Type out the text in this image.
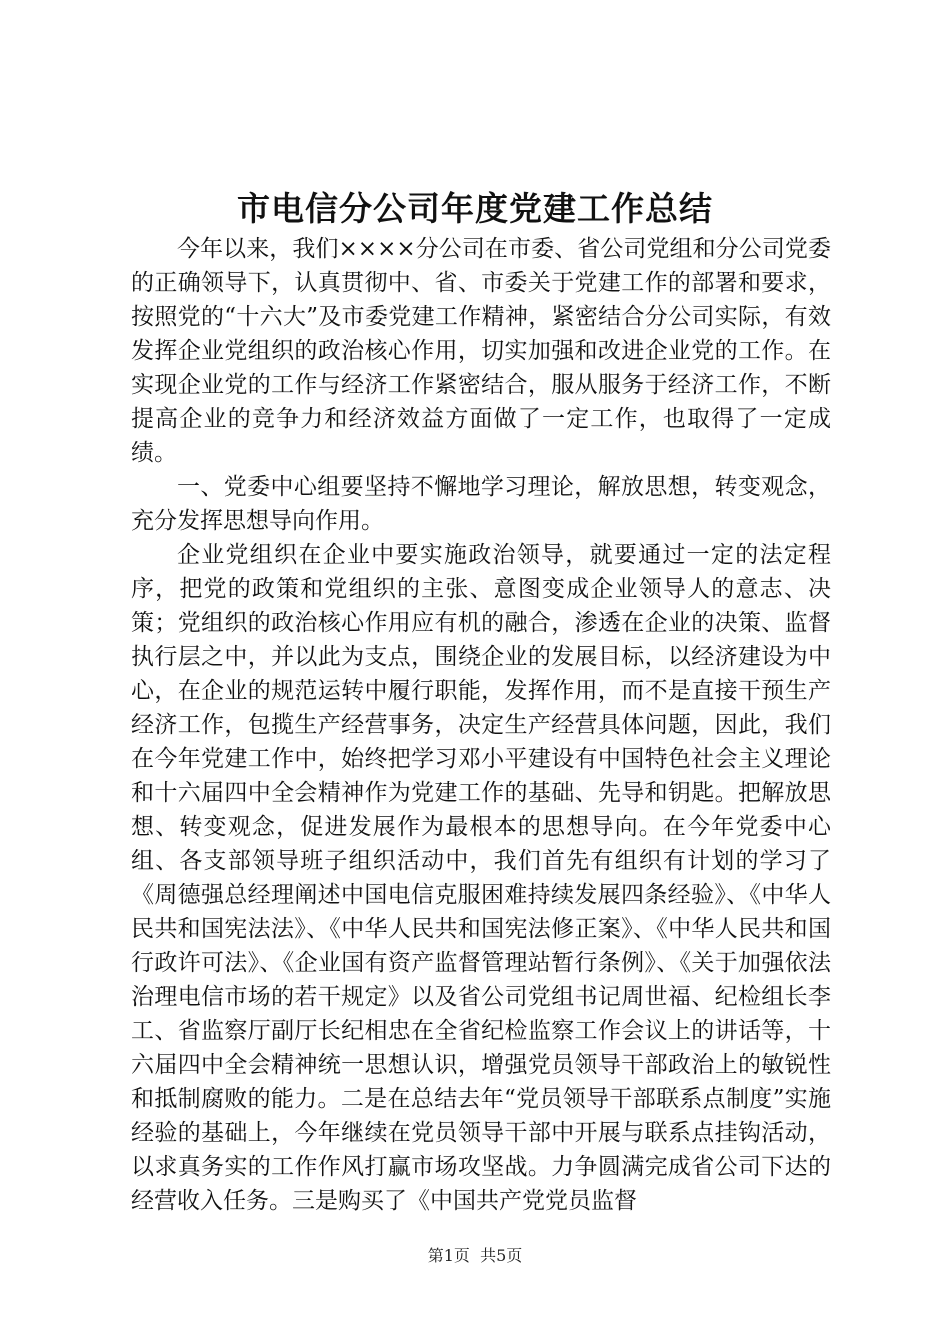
市电信分公司年度党建工作总结

今年以来，我们××××分公司在市委、省公司党组和分公司党委的正确领导下，认真贯彻中、省、市委关于党建工作的部署和要求，按照党的“十六大”及市委党建工作精神，紧密结合分公司实际，有效发挥企业党组织的政治核心作用，切实加强和改进企业党的工作。在实现企业党的工作与经济工作紧密结合，服从服务于经济工作，不断提高企业的竞争力和经济效益方面做了一定工作，也取得了一定成绩。

一、党委中心组要坚持不懈地学习理论，解放思想，转变观念，充分发挥思想导向作用。

企业党组织在企业中要实施政治领导，就要通过一定的法定程序，把党的政策和党组织的主张、意图变成企业领导人的意志、决策；党组织的政治核心作用应有机的融合，渗透在企业的决策、监督执行层之中，并以此为支点，围绕企业的发展目标，以经济建设为中心，在企业的规范运转中履行职能，发挥作用，而不是直接干预生产经济工作，包揽生产经营事务，决定生产经营具体问题，因此，我们在今年党建工作中，始终把学习邓小平建设有中国特色社会主义理论和十六届四中全会精神作为党建工作的基础、先导和钥匙。把解放思想、转变观念，促进发展作为最根本的思想导向。在今年党委中心组、各支部领导班子组织活动中，我们首先有组织有计划的学习了《周德强总经理阐述中国电信克服困难持续发展四条经验》、《中华人民共和国宪法法》、《中华人民共和国宪法修正案》、《中华人民共和国行政许可法》、《企业国有资产监督管理站暂行条例》、《关于加强依法治理电信市场的若干规定》以及省公司党组书记周世福、纪检组长李工、省监察厅副厅长纪相忠在全省纪检监察工作会议上的讲话等，十六届四中全会精神统一思想认识，增强党员领导干部政治上的敏锐性和抵制腐败的能力。二是在总结去年“党员领导干部联系点制度”实施经验的基础上，今年继续在党员领导干部中开展与联系点挂钩活动，以求真务实的工作作风打赢市场攻坚战。力争圆满完成省公司下达的经营收入任务。三是购买了《中国共产党党员监督

第1页 共5页
